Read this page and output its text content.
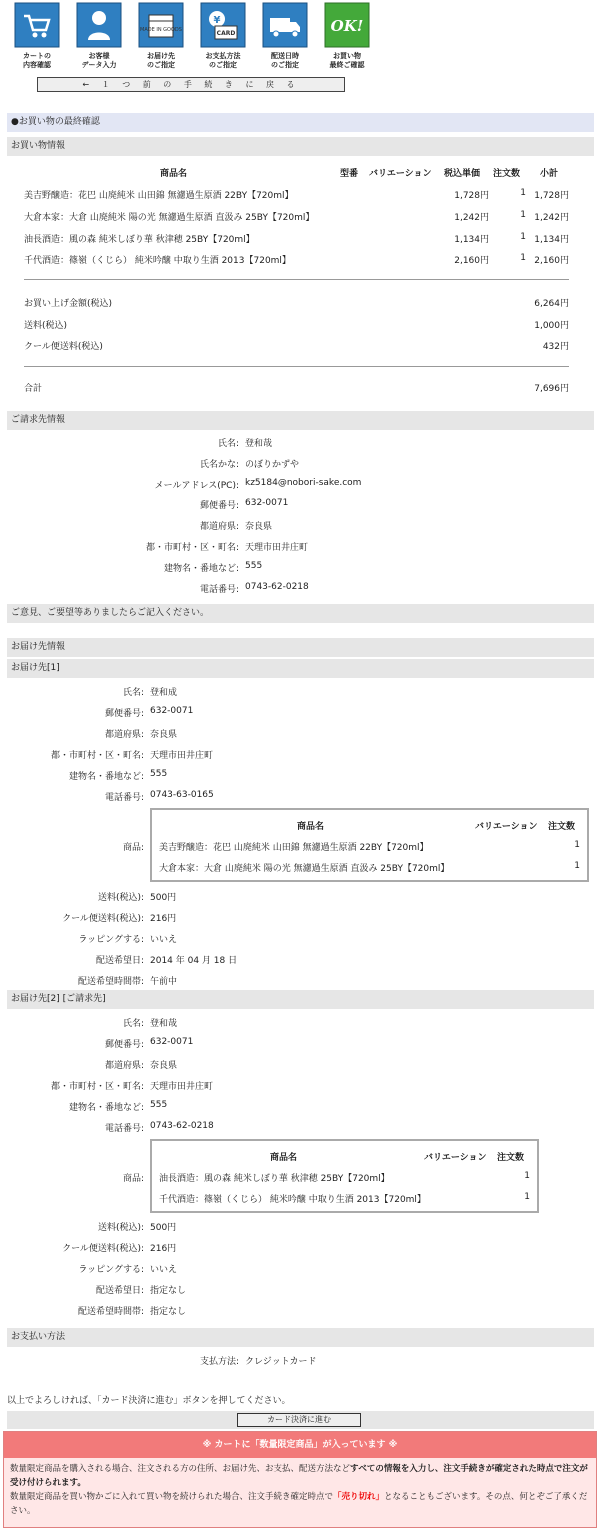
カートの
内容確認
お客様
データ入力
MADE IN GOODS
お届け先
のご指定
¥
CARD
お支払方法
のご指定
配送日時
のご指定
OK!
お買い物
最終ご確認
← １ つ 前 の 手 続 き に 戻 る
●お買い物の最終確認
お買い物情報
商品名	型番 バリエーション 税込単価 注文数 小計
美吉野醸造：花巴 山廃純米 山田錦 無濾過生原酒 22BY【720ml】	1,728円	1 1,728円
大倉本家：大倉 山廃純米 陽の光 無濾過生原酒 直汲み 25BY【720ml】	1,242円	1 1,242円
油長酒造：風の森 純米しぼり華 秋津穂 25BY【720ml】	1,134円	1 1,134円
千代酒造：篠嶺（くじら） 純米吟醸 中取り生酒 2013【720ml】	2,160円	1 2,160円
お買い上げ金額(税込)	6,264円
送料(税込)	1,000円
クール便送料(税込)	432円
合計	7,696円
ご請求先情報
氏名: 登和哉
氏名かな: のぼりかずや
メールアドレス(PC): kz5184@nobori-sake.com
郵便番号: 632-0071
都道府県: 奈良県
都・市町村・区・町名: 天理市田井庄町
建物名・番地など: 555
電話番号: 0743-62-0218
ご意見、ご要望等ありましたらご記入ください。
お届け先情報
お届け先[1]
氏名: 登和成
郵便番号: 632-0071
都道府県: 奈良県
都・市町村・区・町名: 天理市田井庄町
建物名・番地など: 555
電話番号: 0743-63-0165
商品:
商品名	バリエーション 注文数
美吉野醸造：花巴 山廃純米 山田錦 無濾過生原酒 22BY【720ml】	1
大倉本家：大倉 山廃純米 陽の光 無濾過生原酒 直汲み 25BY【720ml】	1
送料(税込): 500円
クール便送料(税込): 216円
ラッピングする: いいえ
配送希望日: 2014 年 04 月 18 日
配送希望時間帯: 午前中
お届け先[2] [ご請求先]
氏名: 登和哉
郵便番号: 632-0071
都道府県: 奈良県
都・市町村・区・町名: 天理市田井庄町
建物名・番地など: 555
電話番号: 0743-62-0218
商品:
商品名	バリエーション 注文数
油長酒造：風の森 純米しぼり華 秋津穂 25BY【720ml】	1
千代酒造：篠嶺（くじら） 純米吟醸 中取り生酒 2013【720ml】	1
送料(税込): 500円
クール便送料(税込): 216円
ラッピングする: いいえ
配送希望日: 指定なし
配送希望時間帯: 指定なし
お支払い方法
支払方法: クレジットカード
以上でよろしければ、「カード決済に進む」ボタンを押してください。
カード決済に進む
※ カートに「数量限定商品」が入っています ※
数量限定商品を購入される場合、注文される方の住所、お届け先、お支払、配送方法などすべての情報を入力し、注文手続きが確定された時点で注文が受け付けられます。
数量限定商品を買い物かごに入れて買い物を続けられた場合、注文手続き確定時点で「売り切れ」となることもございます。その点、何とぞご了承ください。
